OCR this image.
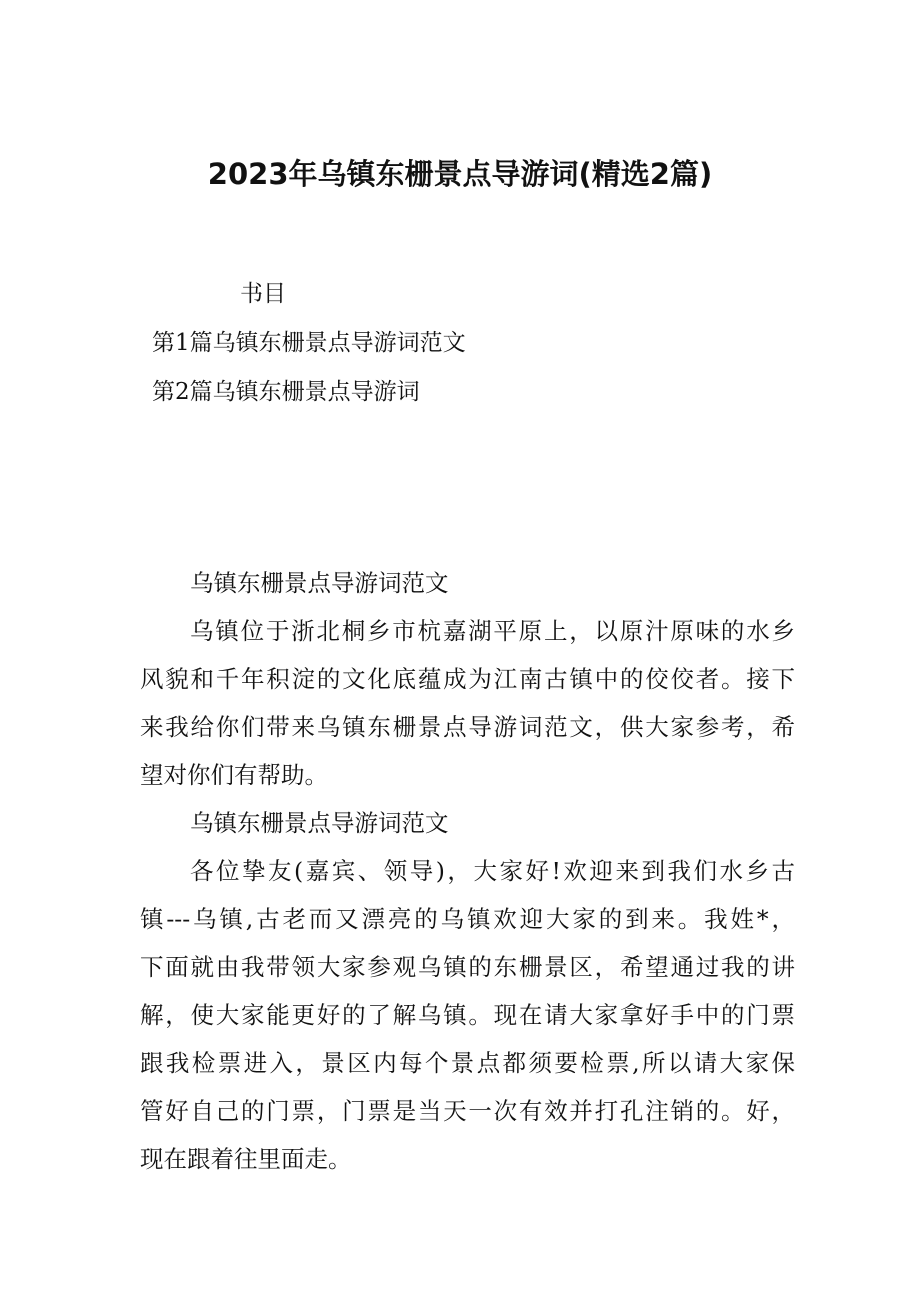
2023年乌镇东栅景点导游词(精选2篇)
书目
第1篇乌镇东栅景点导游词范文
第2篇乌镇东栅景点导游词
乌镇东栅景点导游词范文
乌镇位于浙北桐乡市杭嘉湖平原上，以原汁原味的水乡
风貌和千年积淀的文化底蕴成为江南古镇中的佼佼者。接下
来我给你们带来乌镇东栅景点导游词范文，供大家参考，希
望对你们有帮助。
乌镇东栅景点导游词范文
各位挚友(嘉宾、领导)，大家好!欢迎来到我们水乡古
镇---乌镇,古老而又漂亮的乌镇欢迎大家的到来。我姓*，
下面就由我带领大家参观乌镇的东栅景区，希望通过我的讲
解，使大家能更好的了解乌镇。现在请大家拿好手中的门票
跟我检票进入，景区内每个景点都须要检票,所以请大家保
管好自己的门票，门票是当天一次有效并打孔注销的。好，
现在跟着往里面走。
